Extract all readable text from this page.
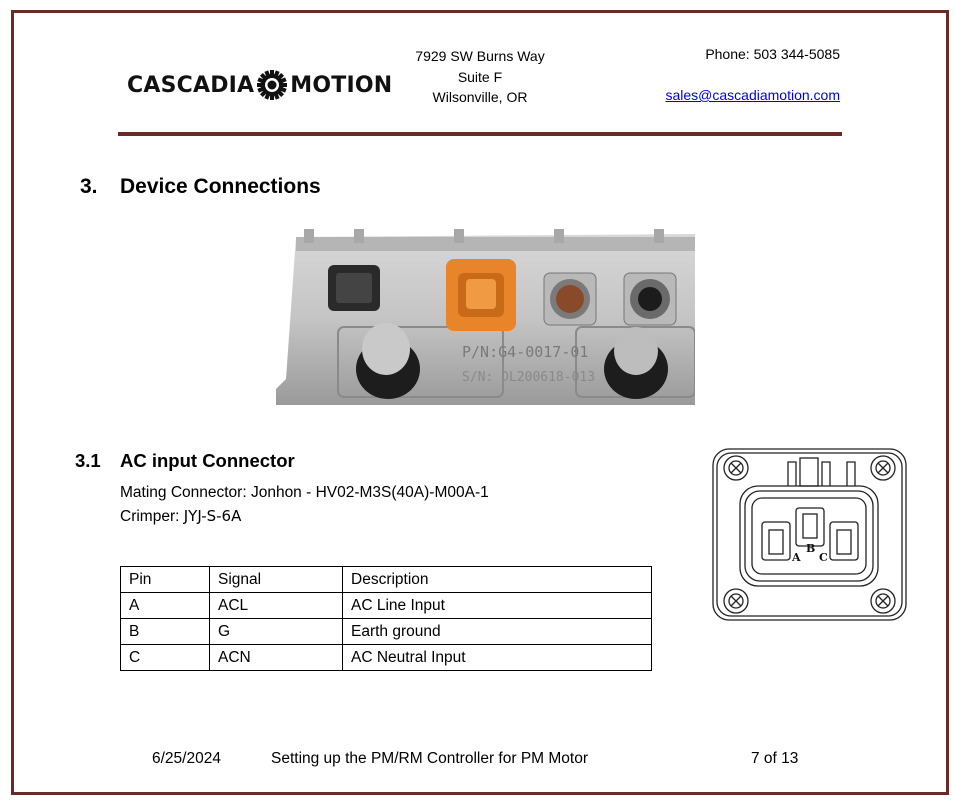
CASCADIA MOTION
7929 SW Burns Way
Suite F
Wilsonville, OR
Phone: 503 344-5085
sales@cascadiamotion.com
3. Device Connections
P/N:G4-0017-01
S/N: DL200618-013
3.1 AC input Connector
Mating Connector: Jonhon - HV02-M3S(40A)-M00A-1
Crimper: JYJ-S-6A
Pin	Signal	Description
A	ACL	AC Line Input
B	G	Earth ground
C	ACN	AC Neutral Input
A
B
C
6/25/2024	Setting up the PM/RM Controller for PM Motor	7 of 13
